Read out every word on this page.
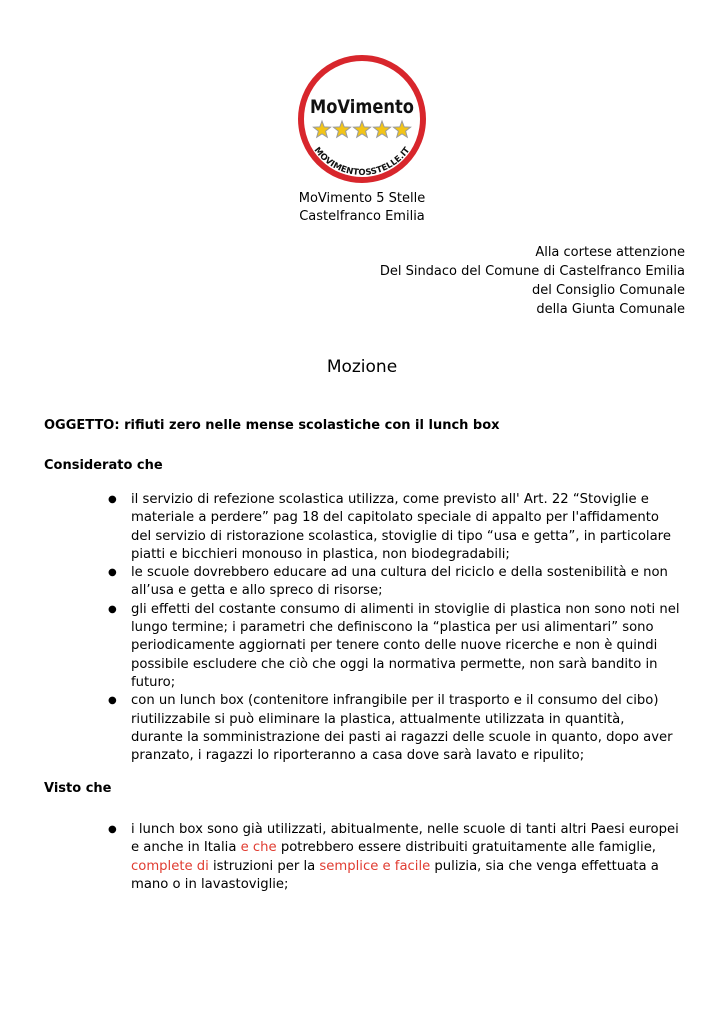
MoVimento
MOVIMENTOSSTELLE.IT
MoVimento 5 Stelle
Castelfranco Emilia
Alla cortese attenzione
Del Sindaco del Comune di Castelfranco Emilia
del Consiglio Comunale
della Giunta Comunale
Mozione
OGGETTO: rifiuti zero nelle mense scolastiche con il lunch box
Considerato che
● il servizio di refezione scolastica utilizza, come previsto all' Art. 22 “Stoviglie e materiale a perdere” pag 18 del capitolato speciale di appalto per l'affidamento del servizio di ristorazione scolastica, stoviglie di tipo “usa e getta”, in particolare piatti e bicchieri monouso in plastica, non biodegradabili;
● le scuole dovrebbero educare ad una cultura del riciclo e della sostenibilità e non all’usa e getta e allo spreco di risorse;
● gli effetti del costante consumo di alimenti in stoviglie di plastica non sono noti nel lungo termine; i parametri che definiscono la “plastica per usi alimentari” sono periodicamente aggiornati per tenere conto delle nuove ricerche e non è quindi possibile escludere che ciò che oggi la normativa permette, non sarà bandito in futuro;
● con un lunch box (contenitore infrangibile per il trasporto e il consumo del cibo) riutilizzabile si può eliminare la plastica, attualmente utilizzata in quantità, durante la somministrazione dei pasti ai ragazzi delle scuole in quanto, dopo aver pranzato, i ragazzi lo riporteranno a casa dove sarà lavato e ripulito;
Visto che
● i lunch box sono già utilizzati, abitualmente, nelle scuole di tanti altri Paesi europei e anche in Italia e che potrebbero essere distribuiti gratuitamente alle famiglie, complete di istruzioni per la semplice e facile pulizia, sia che venga effettuata a mano o in lavastoviglie;
